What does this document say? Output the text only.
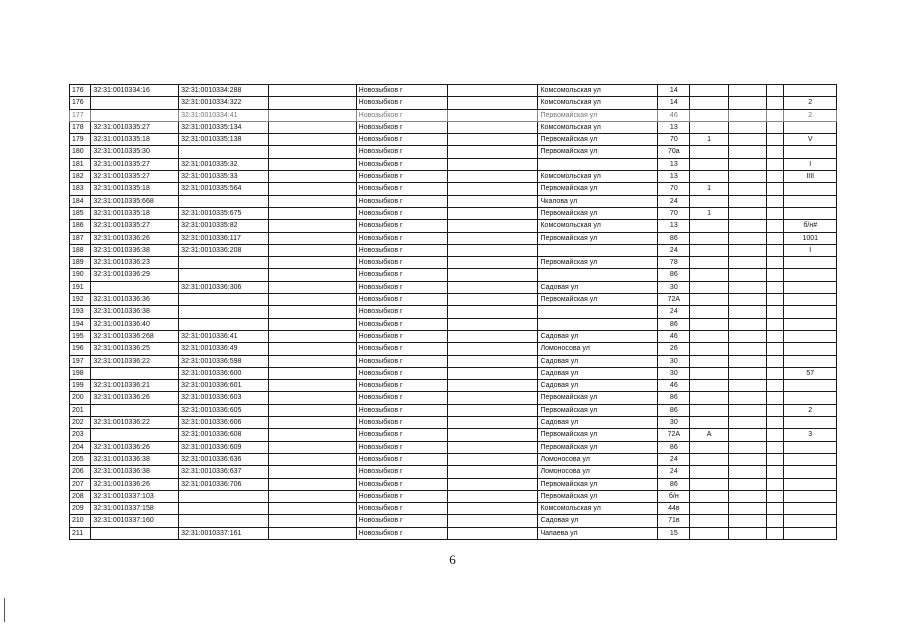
176	32:31:0010334:16	32:31:0010334:288		Новозыбков г		Комсомольская ул	14				
176		32:31:0010334:322		Новозыбков г		Комсомольская ул	14				2
177		32:31:0010334:41		Новозыбков г		Первомайская ул	46				2
178	32:31:0010335:27	32:31:0010335:134		Новозыбков г		Комсомольская ул	13				
179	32:31:0010335:18	32:31:0010335:138		Новозыбков г		Первомайская ул	70	1			V
180	32:31:0010335:30			Новозыбков г		Первомайская ул	70а				
181	32:31:0010335:27	32:31:0010335:32		Новозыбков г			13				I
182	32:31:0010335:27	32:31:0010335:33		Новозыбков г		Комсомольская ул	13				IIII
183	32:31:0010335:18	32:31:0010335:564		Новозыбков г		Первомайская ул	70	1			
184	32:31:0010335:668			Новозыбков г		Чкалова ул	24				
185	32:31:0010335:18	32:31:0010335:675		Новозыбков г		Первомайская ул	70	1			
186	32:31:0010335:27	32:31:0010335:82		Новозыбков г		Комсомольская ул	13				б/н#
187	32:31:0010336:26	32:31:0010336:117		Новозыбков г		Первомайская ул	86				1001
188	32:31:0010336:38	32:31:0010336:208		Новозыбков г			24				I
189	32:31:0010336:23			Новозыбков г		Первомайская ул	78				
190	32:31:0010336:29			Новозыбков г			86				
191		32:31:0010336:306		Новозыбков г		Садовая ул	30				
192	32:31:0010336:36			Новозыбков г		Первомайская ул	72А				
193	32:31:0010336:38			Новозыбков г			24				
194	32:31:0010336:40			Новозыбков г			86				
195	32:31:0010336:268	32:31:0010336:41		Новозыбков г		Садовая ул	46				
196	32:31:0010336:25	32:31:0010336:49		Новозыбков г		Ломоносова ул	26				
197	32:31:0010336:22	32:31:0010336:598		Новозыбков г		Садовая ул	30				
198		32:31:0010336:600		Новозыбков г		Садовая ул	30				57
199	32:31:0010336:21	32:31:0010336:601		Новозыбков г		Садовая ул	46				
200	32:31:0010336:26	32:31:0010336:603		Новозыбков г		Первомайская ул	86				
201		32:31:0010336:605		Новозыбков г		Первомайская ул	86				2
202	32:31:0010336:22	32:31:0010336:606		Новозыбков г		Садовая ул	30				
203		32:31:0010336:608		Новозыбков г		Первомайская ул	72А	А			3
204	32:31:0010336:26	32:31:0010336:609		Новозыбков г		Первомайская ул	86				
205	32:31:0010336:38	32:31:0010336:636		Новозыбков г		Ломоносова ул	24				
206	32:31:0010336:38	32:31:0010336:637		Новозыбков г		Ломоносова ул	24				
207	32:31:0010336:26	32:31:0010336:706		Новозыбков г		Первомайская ул	86				
208	32:31:0010337:103			Новозыбков г		Первомайская ул	б/н				
209	32:31:0010337:158			Новозыбков г		Комсомольская ул	44в				
210	32:31:0010337:160			Новозыбков г		Садовая ул	71в				
211		32:31:0010337:161		Новозыбков г		Чапаева ул	15				
6
